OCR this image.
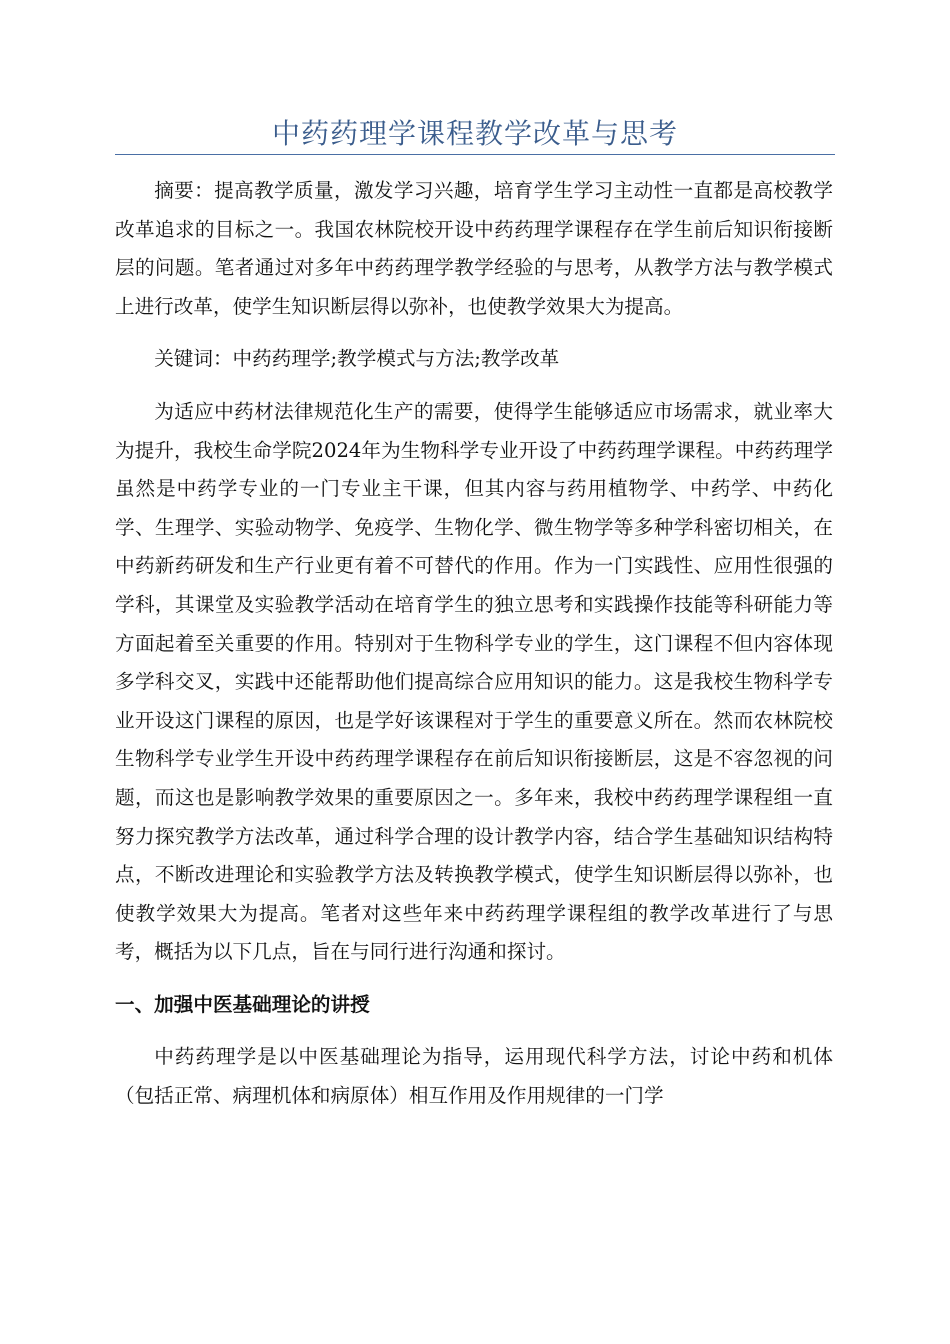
中药药理学课程教学改革与思考

摘要：提高教学质量，激发学习兴趣，培育学生学习主动性一直都是高校教学改革追求的目标之一。我国农林院校开设中药药理学课程存在学生前后知识衔接断层的问题。笔者通过对多年中药药理学教学经验的与思考，从教学方法与教学模式上进行改革，使学生知识断层得以弥补，也使教学效果大为提高。

关键词：中药药理学;教学模式与方法;教学改革

为适应中药材法律规范化生产的需要，使得学生能够适应市场需求，就业率大为提升，我校生命学院2024年为生物科学专业开设了中药药理学课程。中药药理学虽然是中药学专业的一门专业主干课，但其内容与药用植物学、中药学、中药化学、生理学、实验动物学、免疫学、生物化学、微生物学等多种学科密切相关，在中药新药研发和生产行业更有着不可替代的作用。作为一门实践性、应用性很强的学科，其课堂及实验教学活动在培育学生的独立思考和实践操作技能等科研能力等方面起着至关重要的作用。特别对于生物科学专业的学生，这门课程不但内容体现多学科交叉，实践中还能帮助他们提高综合应用知识的能力。这是我校生物科学专业开设这门课程的原因，也是学好该课程对于学生的重要意义所在。然而农林院校生物科学专业学生开设中药药理学课程存在前后知识衔接断层，这是不容忽视的问题，而这也是影响教学效果的重要原因之一。多年来，我校中药药理学课程组一直努力探究教学方法改革，通过科学合理的设计教学内容，结合学生基础知识结构特点，不断改进理论和实验教学方法及转换教学模式，使学生知识断层得以弥补，也使教学效果大为提高。笔者对这些年来中药药理学课程组的教学改革进行了与思考，概括为以下几点，旨在与同行进行沟通和探讨。

一、加强中医基础理论的讲授

中药药理学是以中医基础理论为指导，运用现代科学方法，讨论中药和机体（包括正常、病理机体和病原体）相互作用及作用规律的一门学
